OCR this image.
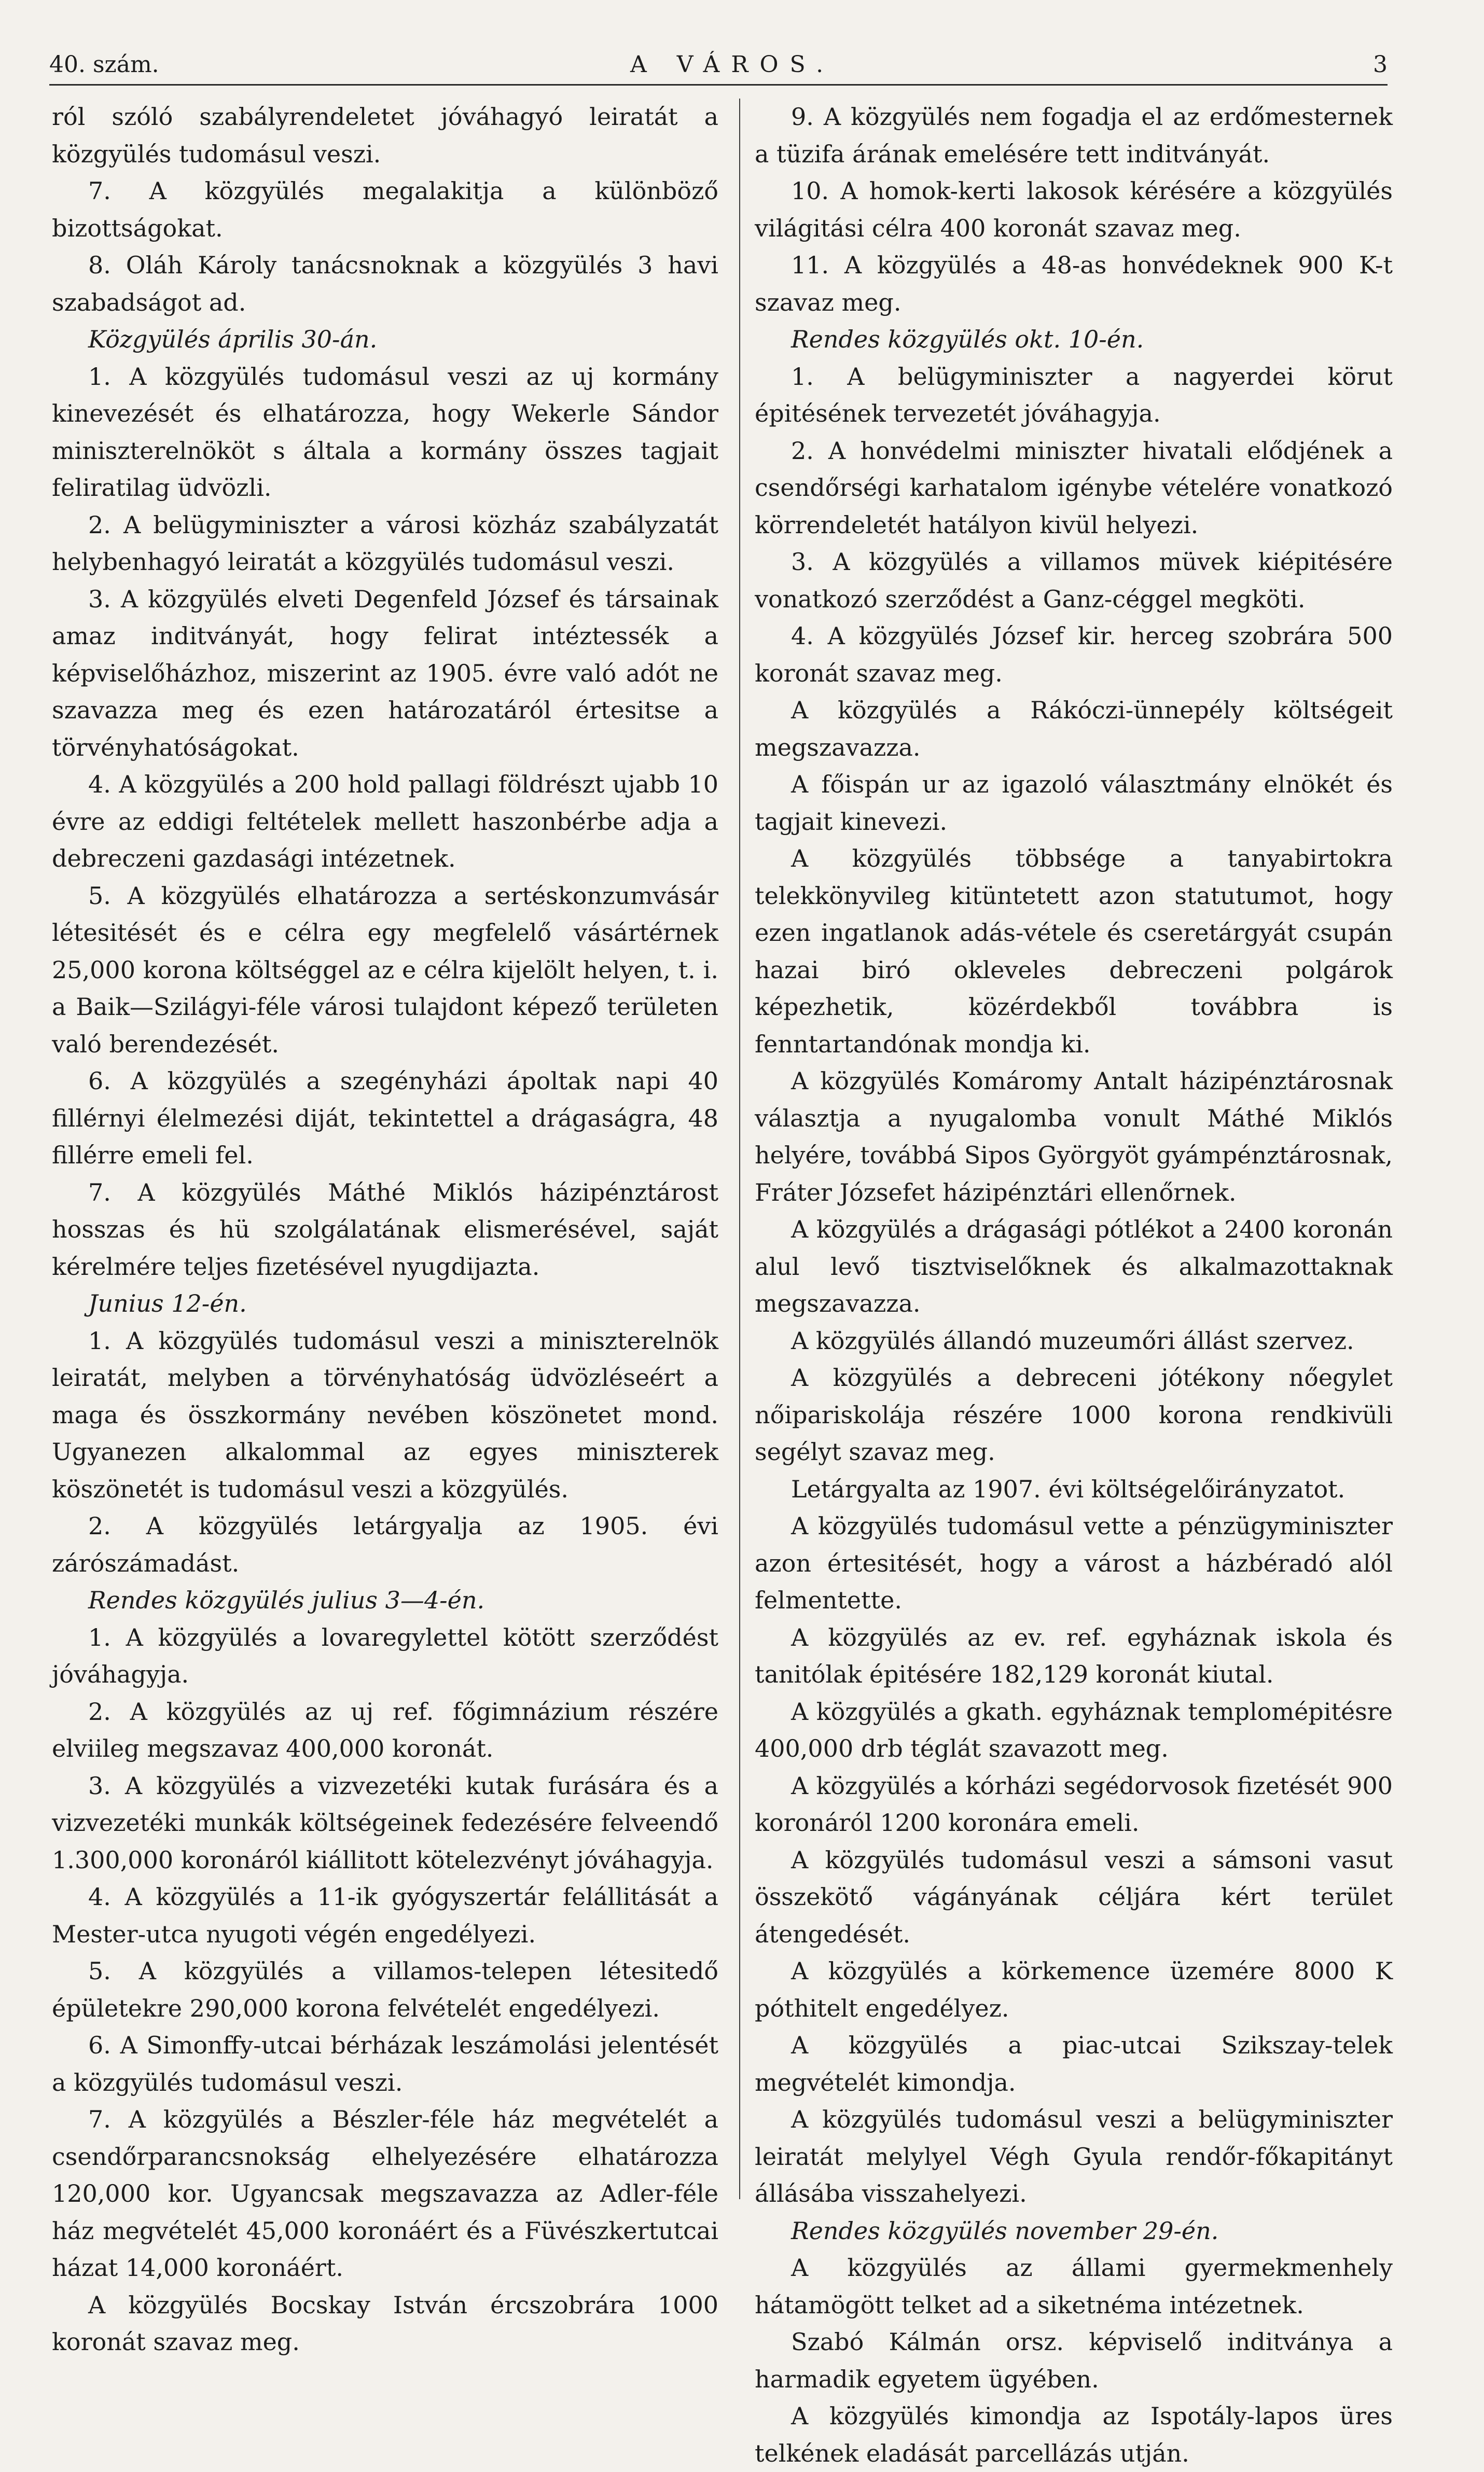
40. szám.	A VÁROS.	3

ról szóló szabályrendeletet jóváhagyó leiratát a közgyülés tudomásul veszi.

7. A közgyülés megalakitja a különböző bizottságokat.

8. Oláh Károly tanácsnoknak a közgyülés 3 havi szabadságot ad.

Közgyülés április 30-án.

1. A közgyülés tudomásul veszi az uj kormány kinevezését és elhatározza, hogy Wekerle Sándor miniszterelnököt s általa a kormány összes tagjait feliratilag üdvözli.

2. A belügyminiszter a városi közház szabályzatát helybenhagyó leiratát a közgyülés tudomásul veszi.

3. A közgyülés elveti Degenfeld József és társainak amaz inditványát, hogy felirat intéztessék a képviselőházhoz, miszerint az 1905. évre való adót ne szavazza meg és ezen határozatáról értesitse a törvényhatóságokat.

4. A közgyülés a 200 hold pallagi földrészt ujabb 10 évre az eddigi feltételek mellett haszonbérbe adja a debreczeni gazdasági intézetnek.

5. A közgyülés elhatározza a sertéskonzumvásár létesitését és e célra egy megfelelő vásártérnek 25,000 korona költséggel az e célra kijelölt helyen, t. i. a Baik—Szilágyi-féle városi tulajdont képező területen való berendezését.

6. A közgyülés a szegényházi ápoltak napi 40 fillérnyi élelmezési diját, tekintettel a drágaságra, 48 fillérre emeli fel.

7. A közgyülés Máthé Miklós házipénztárost hosszas és hü szolgálatának elismerésével, saját kérelmére teljes fizetésével nyugdijazta.

Junius 12-én.

1. A közgyülés tudomásul veszi a miniszterelnök leiratát, melyben a törvényhatóság üdvözléseért a maga és összkormány nevében köszönetet mond. Ugyanezen alkalommal az egyes miniszterek köszönetét is tudomásul veszi a közgyülés.

2. A közgyülés letárgyalja az 1905. évi zárószámadást.

Rendes közgyülés julius 3—4-én.

1. A közgyülés a lovaregylettel kötött szerződést jóváhagyja.

2. A közgyülés az uj ref. főgimnázium részére elviileg megszavaz 400,000 koronát.

3. A közgyülés a vizvezetéki kutak furására és a vizvezetéki munkák költségeinek fedezésére felveendő 1.300,000 koronáról kiállitott kötelezvényt jóváhagyja.

4. A közgyülés a 11-ik gyógyszertár felállitását a Mester-utca nyugoti végén engedélyezi.

5. A közgyülés a villamos-telepen létesitedő épületekre 290,000 korona felvételét engedélyezi.

6. A Simonffy-utcai bérházak leszámolási jelentését a közgyülés tudomásul veszi.

7. A közgyülés a Bészler-féle ház megvételét a csendőrparancsnokság elhelyezésére elhatározza 120,000 kor. Ugyancsak megszavazza az Adler-féle ház megvételét 45,000 koronáért és a Füvészkertutcai házat 14,000 koronáért.

A közgyülés Bocskay István ércszobrára 1000 koronát szavaz meg.

9. A közgyülés nem fogadja el az erdőmesternek a tüzifa árának emelésére tett inditványát.

10. A homok-kerti lakosok kérésére a közgyülés világitási célra 400 koronát szavaz meg.

11. A közgyülés a 48-as honvédeknek 900 K-t szavaz meg.

Rendes közgyülés okt. 10-én.

1. A belügyminiszter a nagyerdei körut épitésének tervezetét jóváhagyja.

2. A honvédelmi miniszter hivatali elődjének a csendőrségi karhatalom igénybe vételére vonatkozó körrendeletét hatályon kivül helyezi.

3. A közgyülés a villamos müvek kiépitésére vonatkozó szerződést a Ganz-céggel megköti.

4. A közgyülés József kir. herceg szobrára 500 koronát szavaz meg.

A közgyülés a Rákóczi-ünnepély költségeit megszavazza.

A főispán ur az igazoló választmány elnökét és tagjait kinevezi.

A közgyülés többsége a tanyabirtokra telekkönyvileg kitüntetett azon statutumot, hogy ezen ingatlanok adás-vétele és cseretárgyát csupán hazai biró okleveles debreczeni polgárok képezhetik, közérdekből továbbra is fenntartandónak mondja ki.

A közgyülés Komáromy Antalt házipénztárosnak választja a nyugalomba vonult Máthé Miklós helyére, továbbá Sipos Györgyöt gyámpénztárosnak, Fráter Józsefet házipénztári ellenőrnek.

A közgyülés a drágasági pótlékot a 2400 koronán alul levő tisztviselőknek és alkalmazottaknak megszavazza.

A közgyülés állandó muzeumőri állást szervez.

A közgyülés a debreceni jótékony nőegylet nőipariskolája részére 1000 korona rendkivüli segélyt szavaz meg.

Letárgyalta az 1907. évi költségelőirányzatot.

A közgyülés tudomásul vette a pénzügyminiszter azon értesitését, hogy a várost a házbéradó alól felmentette.

A közgyülés az ev. ref. egyháznak iskola és tanitólak épitésére 182,129 koronát kiutal.

A közgyülés a gkath. egyháznak templomépitésre 400,000 drb téglát szavazott meg.

A közgyülés a kórházi segédorvosok fizetését 900 koronáról 1200 koronára emeli.

A közgyülés tudomásul veszi a sámsoni vasut összekötő vágányának céljára kért terület átengedését.

A közgyülés a körkemence üzemére 8000 K póthitelt engedélyez.

A közgyülés a piac-utcai Szikszay-telek megvételét kimondja.

A közgyülés tudomásul veszi a belügyminiszter leiratát melylyel Végh Gyula rendőr-főkapitányt állásába visszahelyezi.

Rendes közgyülés november 29-én.

A közgyülés az állami gyermekmenhely hátamögött telket ad a siketnéma intézetnek.

Szabó Kálmán orsz. képviselő inditványa a harmadik egyetem ügyében.

A közgyülés kimondja az Ispotály-lapos üres telkének eladását parcellázás utján.
